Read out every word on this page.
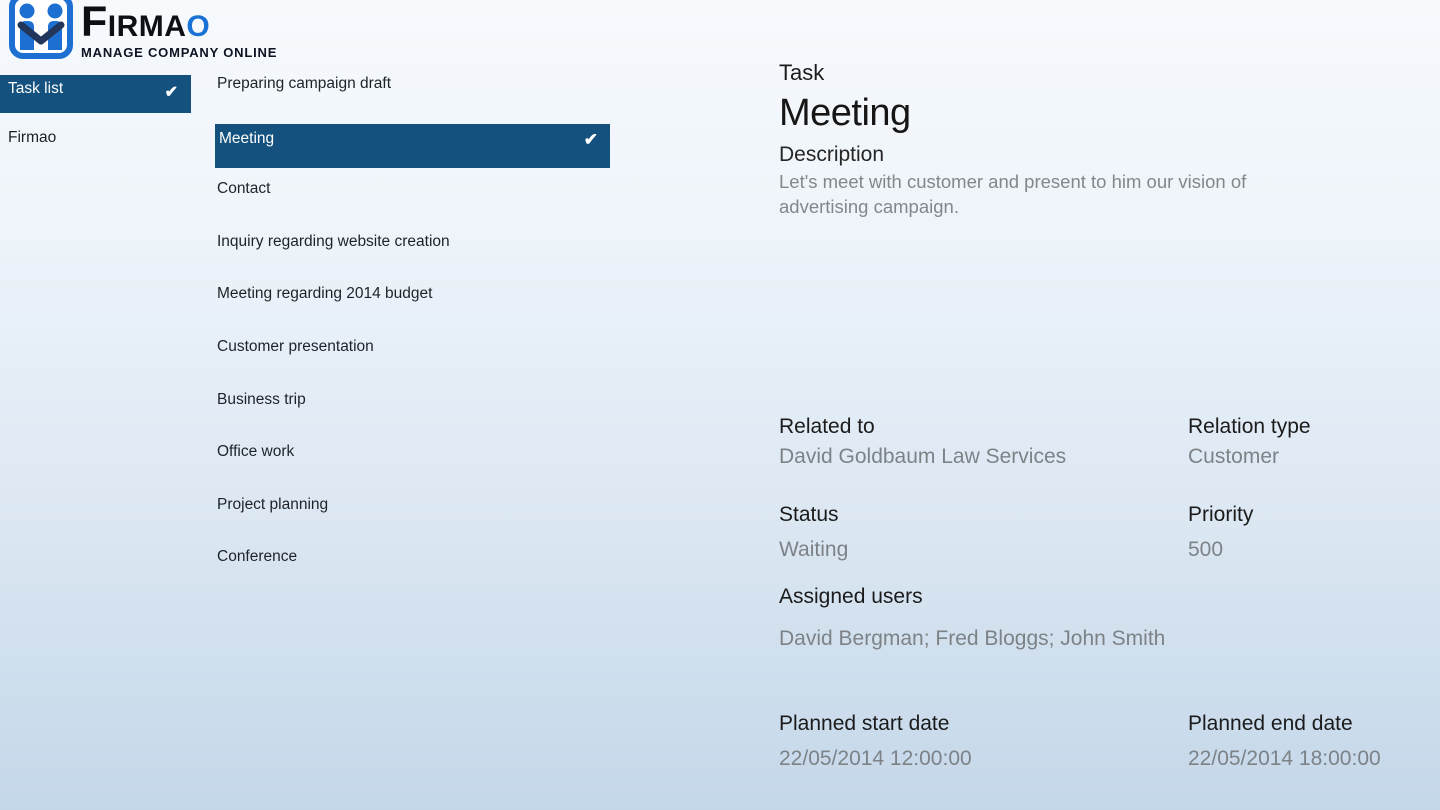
Firmao
MANAGE COMPANY ONLINE
Task list	✔
Firmao
Preparing campaign draft
Meeting	✔
Contact
Inquiry regarding website creation
Meeting regarding 2014 budget
Customer presentation
Business trip
Office work
Project planning
Conference
Task
Meeting
Description
Let's meet with customer and present to him our vision of advertising campaign.
Related to
David Goldbaum Law Services
Relation type
Customer
Status
Waiting
Priority
500
Assigned users
David Bergman; Fred Bloggs; John Smith
Planned start date
22/05/2014 12:00:00
Planned end date
22/05/2014 18:00:00
